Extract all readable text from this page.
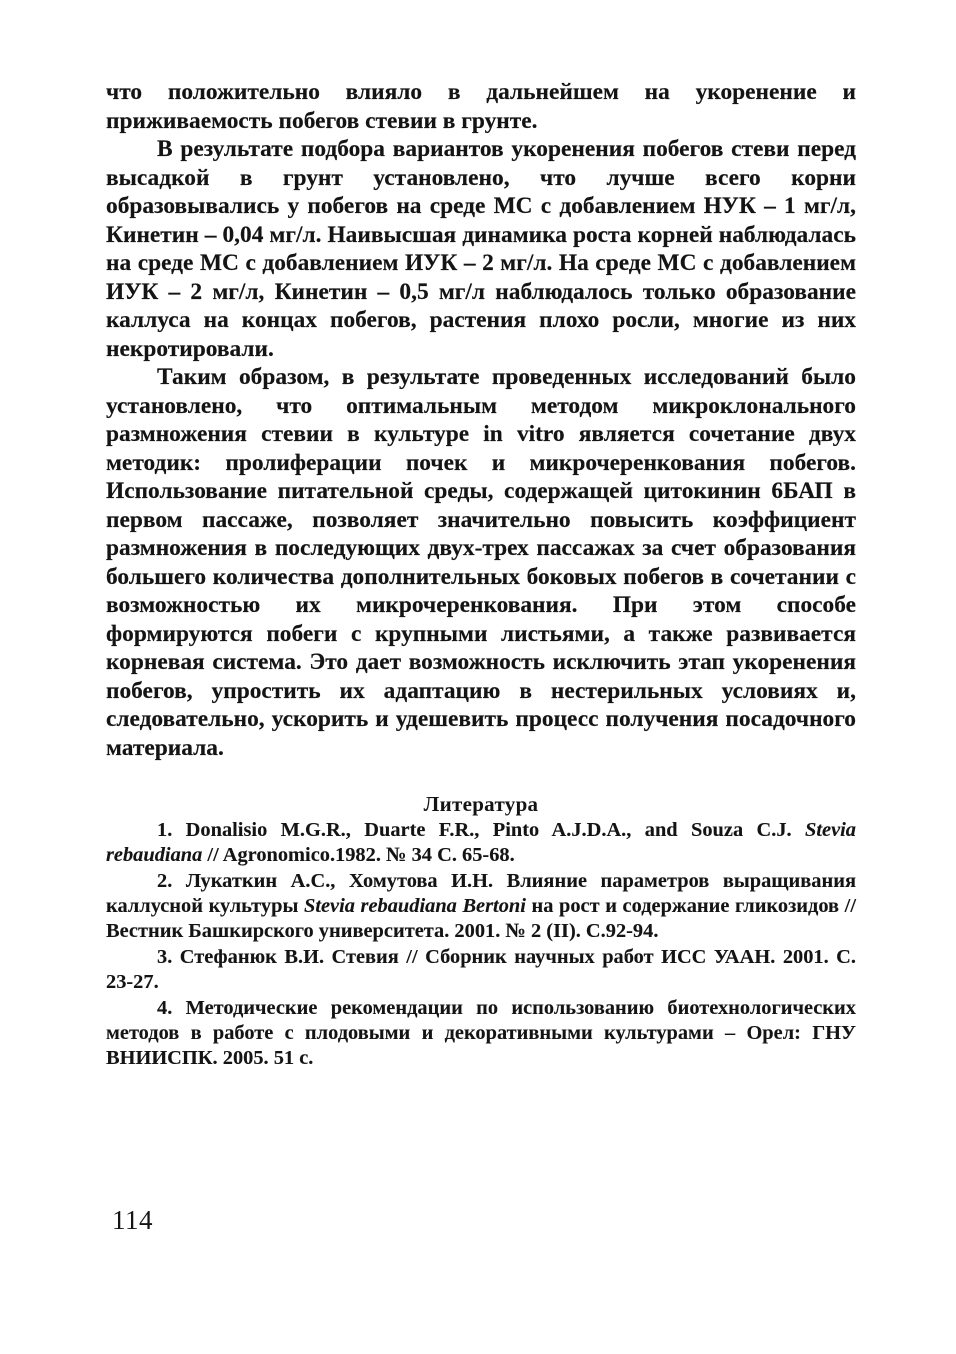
что положительно влияло в дальнейшем на укоренение и приживаемость побегов стевии в грунте.

В результате подбора вариантов укоренения побегов стеви перед высадкой в грунт установлено, что лучше всего корни образовывались у побегов на среде МС с добавлением НУК – 1 мг/л, Кинетин – 0,04 мг/л. Наивысшая динамика роста корней наблюдалась на среде МС с добавлением ИУК – 2 мг/л. На среде МС с добавлением ИУК – 2 мг/л, Кинетин – 0,5 мг/л наблюдалось только образование каллуса на концах побегов, растения плохо росли, многие из них некротировали.

Таким образом, в результате проведенных исследований было установлено, что оптимальным методом микроклонального размножения стевии в культуре in vitro является сочетание двух методик: пролиферации почек и микрочеренкования побегов. Использование питательной среды, содержащей цитокинин 6БАП в первом пассаже, позволяет значительно повысить коэффициент размножения в последующих двух-трех пассажах за счет образования большего количества дополнительных боковых побегов в сочетании с возможностью их микрочеренкования. При этом способе формируются побеги с крупными листьями, а также развивается корневая система. Это дает возможность исключить этап укоренения побегов, упростить их адаптацию в нестерильных условиях и, следовательно, ускорить и удешевить процесс получения посадочного материала.

Литература

1. Donalisio M.G.R., Duarte F.R., Pinto A.J.D.A., and Souza C.J. Stevia rebaudiana // Agronomico.1982. № 34 С. 65-68.

2. Лукаткин А.С., Хомутова И.Н. Влияние параметров выращивания каллусной культуры Stevia rebaudiana Bertoni на рост и содержание гликозидов // Вестник Башкирского университета. 2001. № 2 (II). С.92-94.

3. Стефанюк В.И. Стевия // Сборник научных работ ИСС УААН. 2001. С. 23-27.

4. Методические рекомендации по использованию биотехнологических методов в работе с плодовыми и декоративными культурами – Орел: ГНУ ВНИИСПК. 2005. 51 с.

114
